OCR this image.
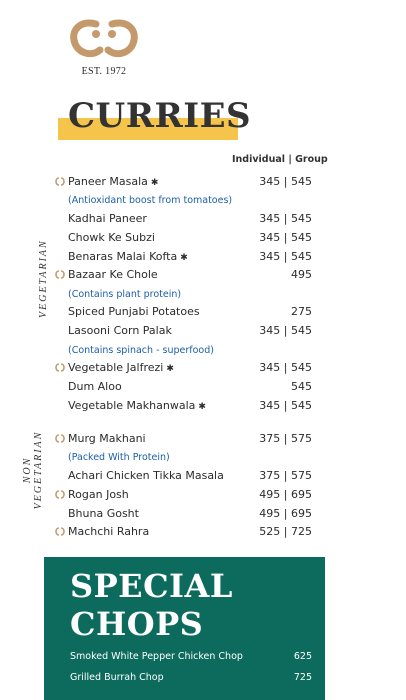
EST. 1972
CURRIES
Individual | Group
VEGETARIAN
NON
VEGETARIAN
Paneer Masala ✱	345 | 545
(Antioxidant boost from tomatoes)
Kadhai Paneer	345 | 545
Chowk Ke Subzi	345 | 545
Benaras Malai Kofta ✱	345 | 545
Bazaar Ke Chole	495
(Contains plant protein)
Spiced Punjabi Potatoes	275
Lasooni Corn Palak	345 | 545
(Contains spinach - superfood)
Vegetable Jalfrezi ✱	345 | 545
Dum Aloo	545
Vegetable Makhanwala ✱	345 | 545
Murg Makhani	375 | 575
(Packed With Protein)
Achari Chicken Tikka Masala	375 | 575
Rogan Josh	495 | 695
Bhuna Gosht	495 | 695
Machchi Rahra	525 | 725
SPECIAL
CHOPS
Smoked White Pepper Chicken Chop	625
Grilled Burrah Chop	725
